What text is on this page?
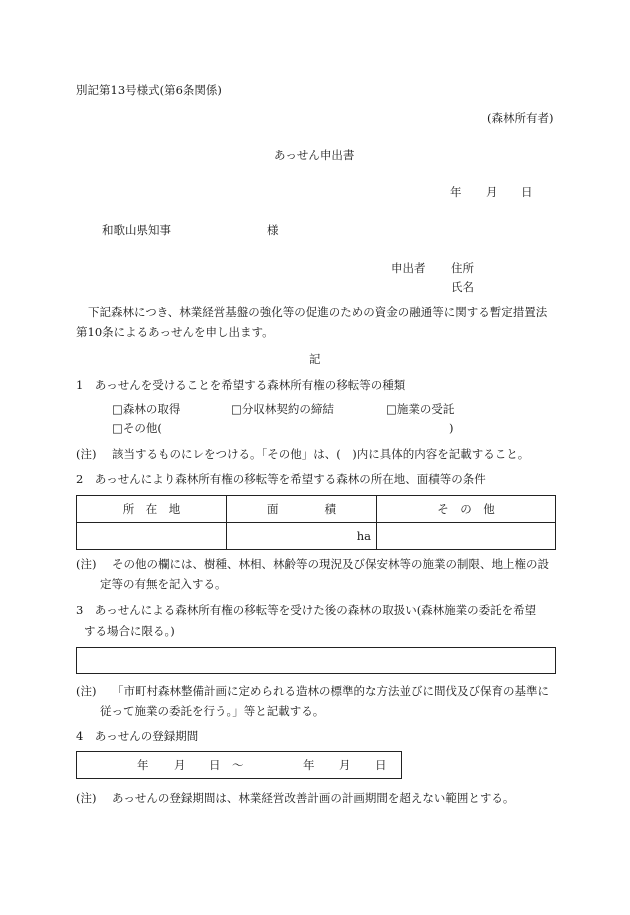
別記第13号様式(第6条関係)
(森林所有者)
あっせん申出書
年 月 日
和歌山県知事	様
申出者 住所
氏名
下記森林につき、林業経営基盤の強化等の促進のための資金の融通等に関する暫定措置法
第10条によるあっせんを申し出ます。
記
1　あっせんを受けることを希望する森林所有権の移転等の種類
□森林の取得	□分収林契約の締結	□施業の受託
□その他(	)
(注) 該当するものにレをつける。「その他」は、(　)内に具体的内容を記載すること。
2　あっせんにより森林所有権の移転等を希望する森林の所在地、面積等の条件
所　在　地	面　　　　積	そ　の　他
	ha	
(注) その他の欄には、樹種、林相、林齢等の現況及び保安林等の施業の制限、地上権の設
定等の有無を記入する。
3　あっせんによる森林所有権の移転等を受けた後の森林の取扱い(森林施業の委託を希望
する場合に限る。)
(注) 「市町村森林整備計画に定められる造林の標準的な方法並びに間伐及び保育の基準に
従って施業の委託を行う。」等と記載する。
4　あっせんの登録期間
年 月 日 ～	年 月 日
(注) あっせんの登録期間は、林業経営改善計画の計画期間を超えない範囲とする。
